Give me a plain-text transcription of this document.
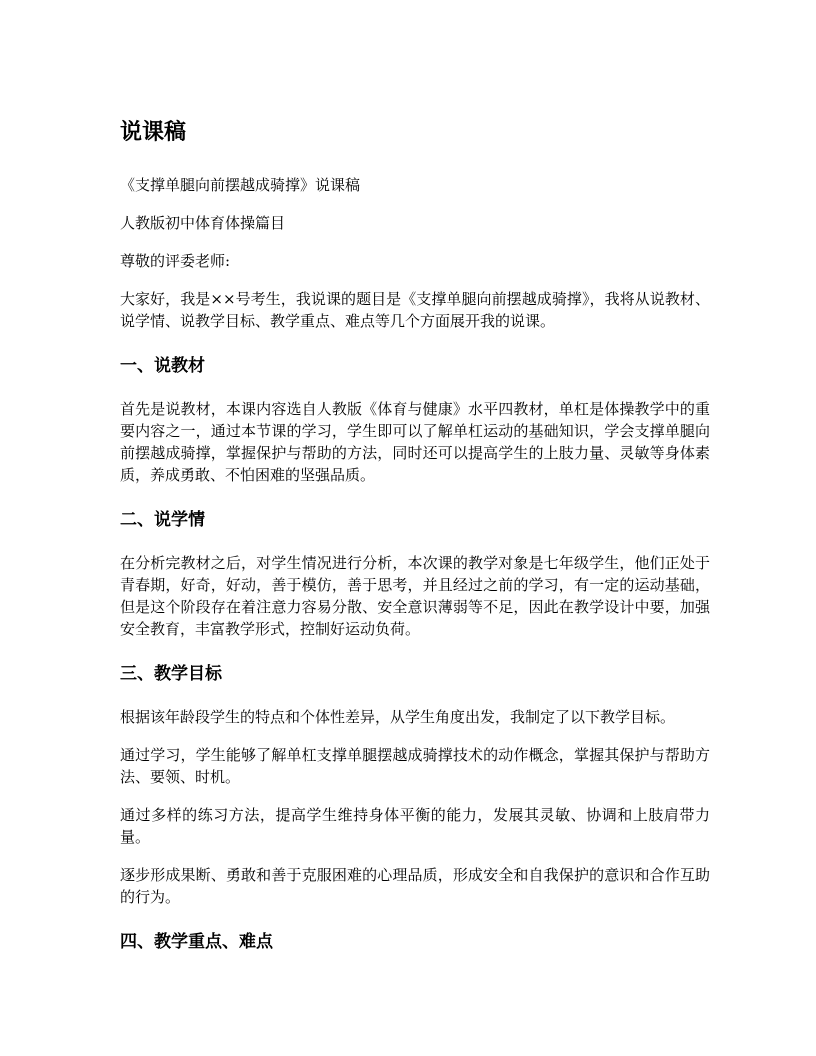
说课稿

《支撑单腿向前摆越成骑撑》说课稿

人教版初中体育体操篇目

尊敬的评委老师:

大家好，我是××号考生，我说课的题目是《支撑单腿向前摆越成骑撑》，我将从说教材、说学情、说教学目标、教学重点、难点等几个方面展开我的说课。

一、说教材

首先是说教材，本课内容选自人教版《体育与健康》水平四教材，单杠是体操教学中的重要内容之一，通过本节课的学习，学生即可以了解单杠运动的基础知识，学会支撑单腿向前摆越成骑撑，掌握保护与帮助的方法，同时还可以提高学生的上肢力量、灵敏等身体素质，养成勇敢、不怕困难的坚强品质。

二、说学情

在分析完教材之后，对学生情况进行分析，本次课的教学对象是七年级学生，他们正处于青春期，好奇，好动，善于模仿，善于思考，并且经过之前的学习，有一定的运动基础，但是这个阶段存在着注意力容易分散、安全意识薄弱等不足，因此在教学设计中要，加强安全教育，丰富教学形式，控制好运动负荷。

三、教学目标

根据该年龄段学生的特点和个体性差异，从学生角度出发，我制定了以下教学目标。

通过学习，学生能够了解单杠支撑单腿摆越成骑撑技术的动作概念，掌握其保护与帮助方法、要领、时机。

通过多样的练习方法，提高学生维持身体平衡的能力，发展其灵敏、协调和上肢肩带力量。

逐步形成果断、勇敢和善于克服困难的心理品质，形成安全和自我保护的意识和合作互助的行为。

四、教学重点、难点
